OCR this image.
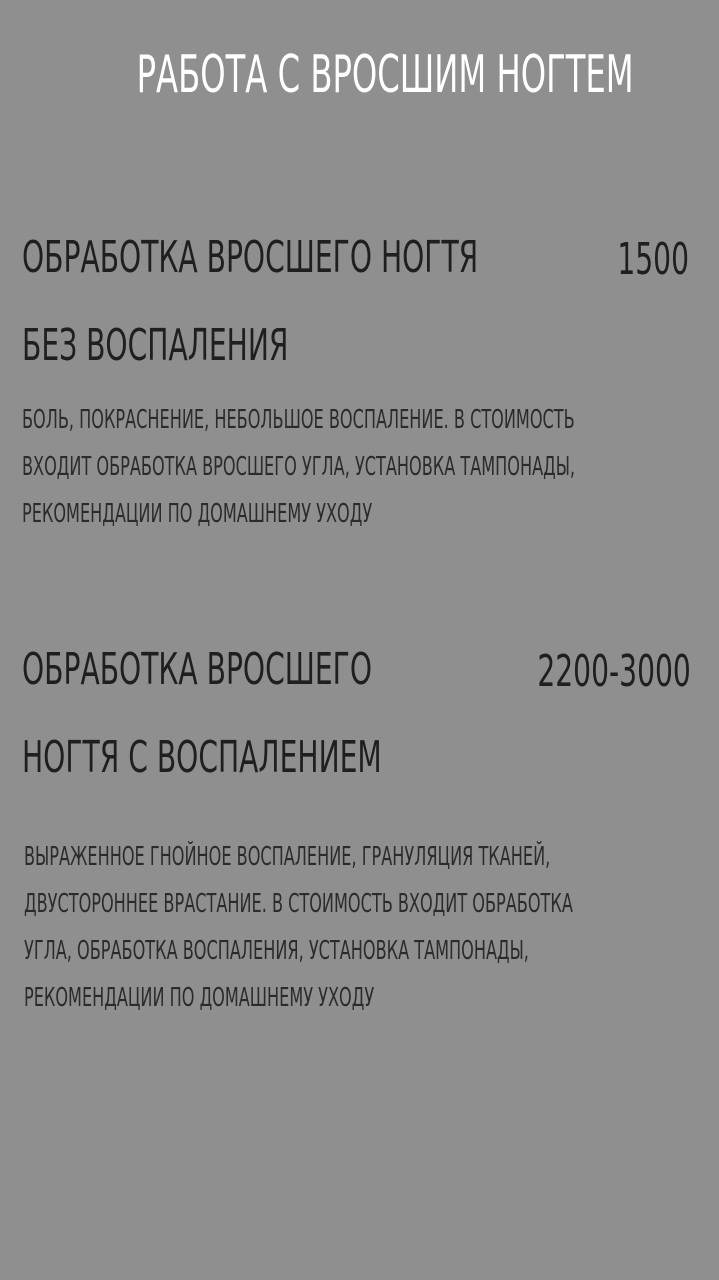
РАБОТА С ВРОСШИМ НОГТЕМ
ОБРАБОТКА ВРОСШЕГО НОГТЯ
БЕЗ ВОСПАЛЕНИЯ
1500
БОЛЬ, ПОКРАСНЕНИЕ, НЕБОЛЬШОЕ ВОСПАЛЕНИЕ. В СТОИМОСТЬ
ВХОДИТ ОБРАБОТКА ВРОСШЕГО УГЛА, УСТАНОВКА ТАМПОНАДЫ,
РЕКОМЕНДАЦИИ ПО ДОМАШНЕМУ УХОДУ
ОБРАБОТКА ВРОСШЕГО
НОГТЯ С ВОСПАЛЕНИЕМ
2200-3000
ВЫРАЖЕННОЕ ГНОЙНОЕ ВОСПАЛЕНИЕ, ГРАНУЛЯЦИЯ ТКАНЕЙ,
ДВУСТОРОННЕЕ ВРАСТАНИЕ. В СТОИМОСТЬ ВХОДИТ ОБРАБОТКА
УГЛА, ОБРАБОТКА ВОСПАЛЕНИЯ, УСТАНОВКА ТАМПОНАДЫ,
РЕКОМЕНДАЦИИ ПО ДОМАШНЕМУ УХОДУ
